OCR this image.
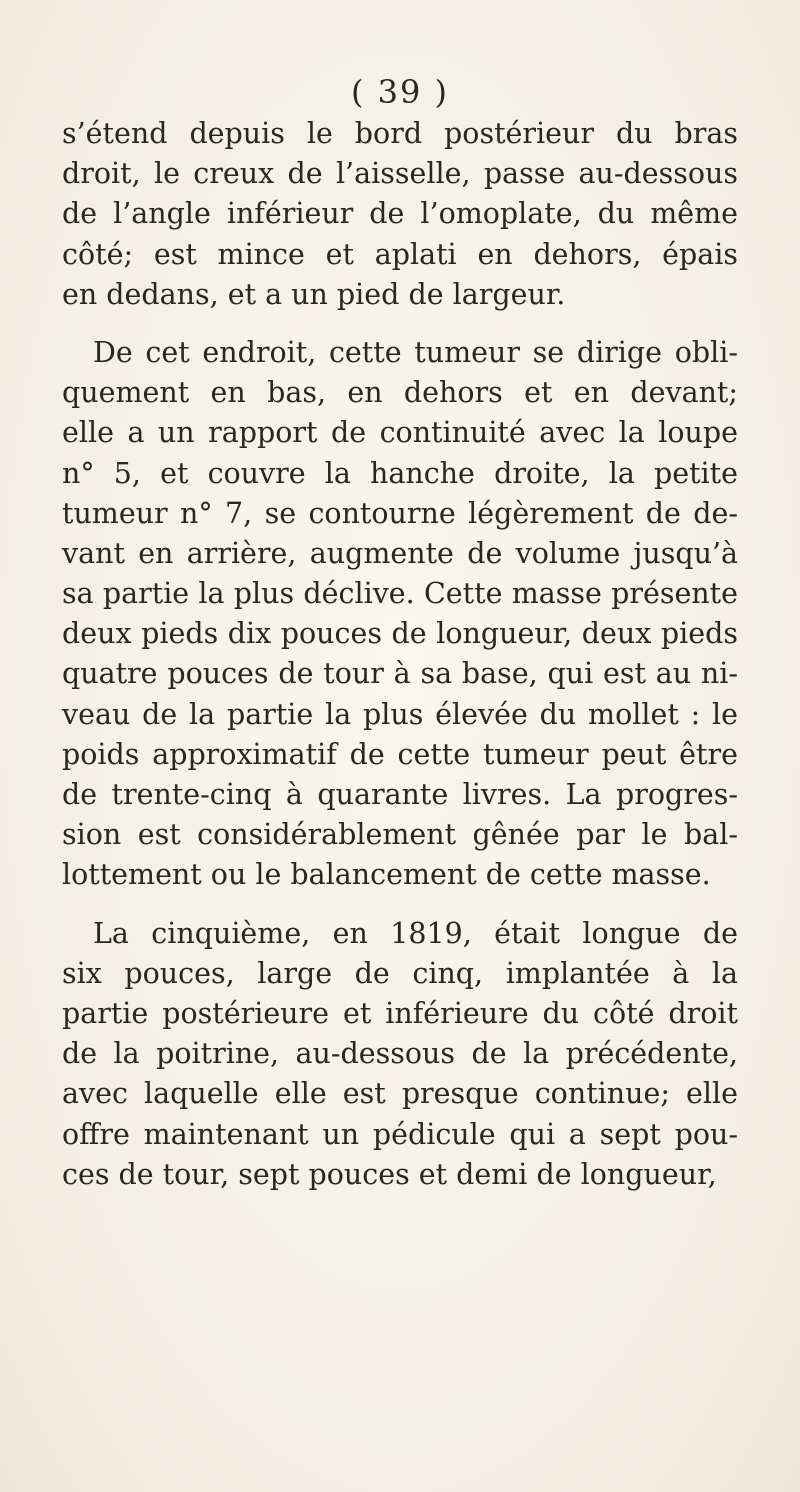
( 39 )
s’étend depuis le bord postérieur du bras
droit, le creux de l’aisselle, passe au-dessous
de l’angle inférieur de l’omoplate, du même
côté; est mince et aplati en dehors, épais
en dedans, et a un pied de largeur.
De cet endroit, cette tumeur se dirige obli-
quement en bas, en dehors et en devant;
elle a un rapport de continuité avec la loupe
n° 5, et couvre la hanche droite, la petite
tumeur n° 7, se contourne légèrement de de-
vant en arrière, augmente de volume jusqu’à
sa partie la plus déclive. Cette masse présente
deux pieds dix pouces de longueur, deux pieds
quatre pouces de tour à sa base, qui est au ni-
veau de la partie la plus élevée du mollet : le
poids approximatif de cette tumeur peut être
de trente-cinq à quarante livres. La progres-
sion est considérablement gênée par le bal-
lottement ou le balancement de cette masse.
La cinquième, en 1819, était longue de
six pouces, large de cinq, implantée à la
partie postérieure et inférieure du côté droit
de la poitrine, au-dessous de la précédente,
avec laquelle elle est presque continue; elle
offre maintenant un pédicule qui a sept pou-
ces de tour, sept pouces et demi de longueur,
